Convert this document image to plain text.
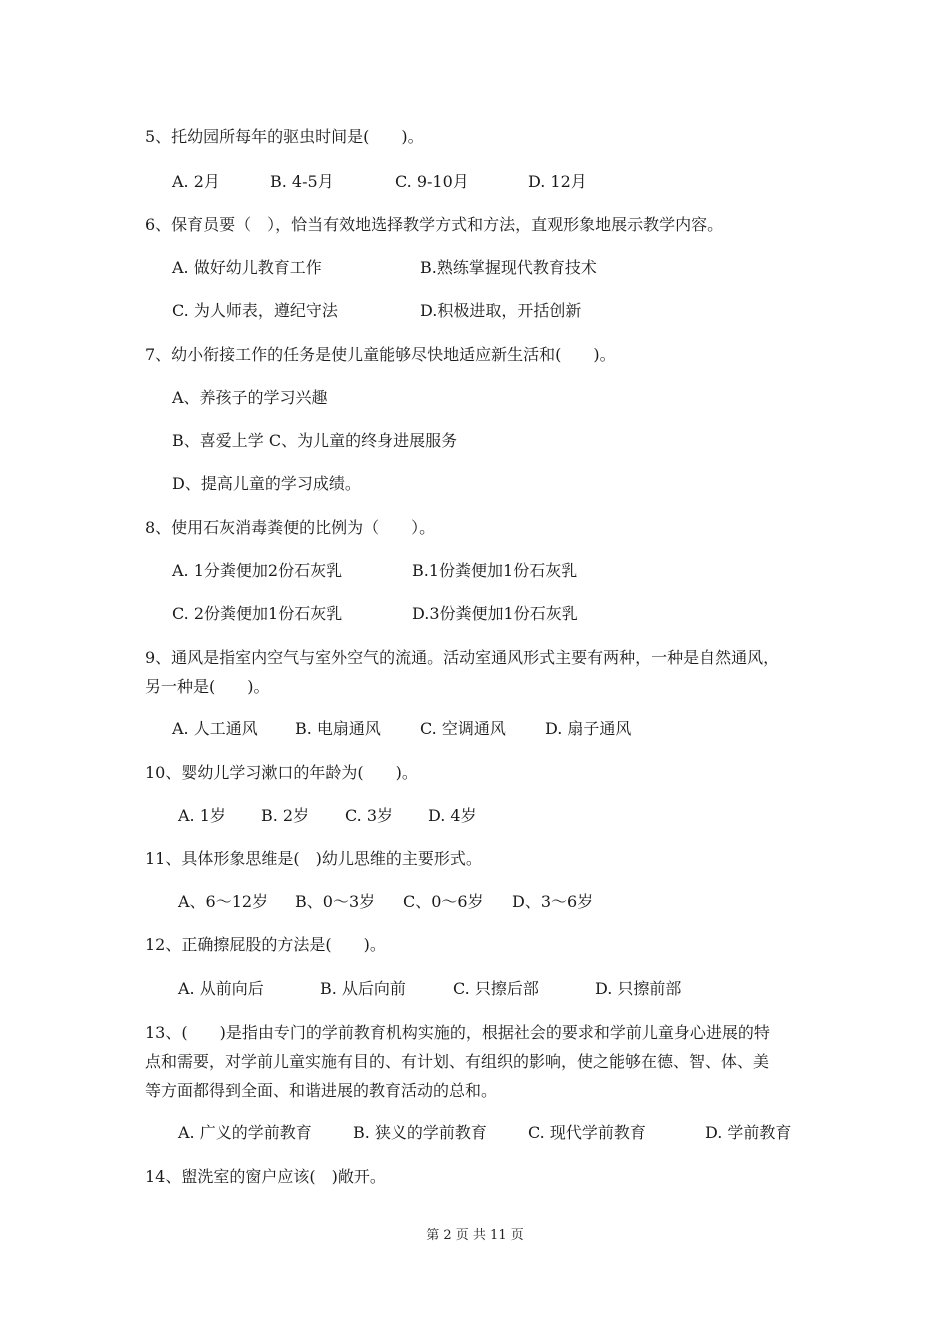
5、托幼园所每年的驱虫时间是(　　)。
A. 2月	B. 4-5月	C. 9-10月	D. 12月
6、保育员要（　），恰当有效地选择教学方式和方法，直观形象地展示教学内容。
A. 做好幼儿教育工作	B.熟练掌握现代教育技术
C. 为人师表，遵纪守法	D.积极进取，开括创新
7、幼小衔接工作的任务是使儿童能够尽快地适应新生活和(　　)。
A、养孩子的学习兴趣
B、喜爱上学 C、为儿童的终身进展服务
D、提高儿童的学习成绩。
8、使用石灰消毒粪便的比例为（　　）。
A. 1分粪便加2份石灰乳	B.1份粪便加1份石灰乳
C. 2份粪便加1份石灰乳	D.3份粪便加1份石灰乳
9、通风是指室内空气与室外空气的流通。活动室通风形式主要有两种，一种是自然通风，
另一种是(　　)。
A. 人工通风 B. 电扇通风 C. 空调通风 D. 扇子通风
10、婴幼儿学习漱口的年龄为(　　)。
A. 1岁 B. 2岁 C. 3岁 D. 4岁
11、具体形象思维是(　)幼儿思维的主要形式。
A、6～12岁 B、0～3岁 C、0～6岁 D、3～6岁
12、正确擦屁股的方法是(　　)。
A. 从前向后	B. 从后向前	C. 只擦后部	D. 只擦前部
13、(　　)是指由专门的学前教育机构实施的，根据社会的要求和学前儿童身心进展的特
点和需要，对学前儿童实施有目的、有计划、有组织的影响，使之能够在德、智、体、美
等方面都得到全面、和谐进展的教育活动的总和。
A. 广义的学前教育	B. 狭义的学前教育	C. 现代学前教育	D. 学前教育
14、盥洗室的窗户应该(　)敞开。
第 2 页 共 11 页
